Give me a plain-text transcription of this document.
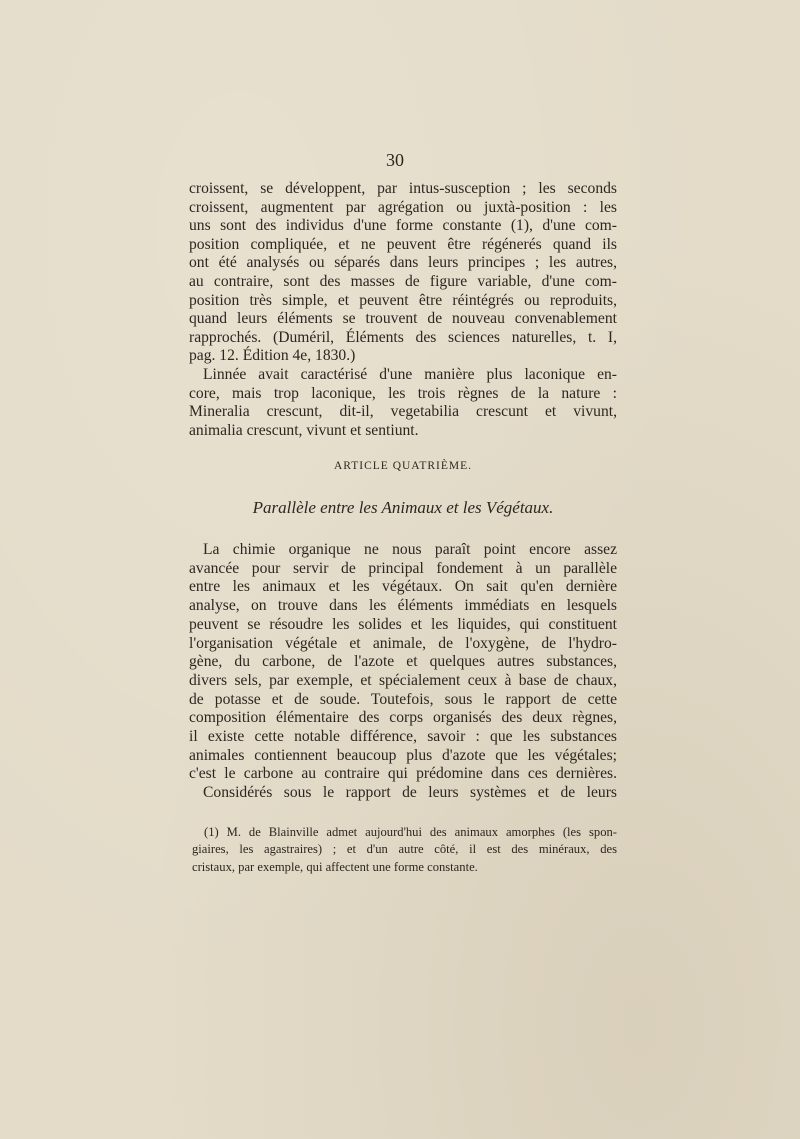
30
croissent, se développent, par intus-susception ; les seconds
croissent, augmentent par agrégation ou juxtà-position : les
uns sont des individus d'une forme constante (1), d'une com-
position compliquée, et ne peuvent être régénerés quand ils
ont été analysés ou séparés dans leurs principes ; les autres,
au contraire, sont des masses de figure variable, d'une com-
position très simple, et peuvent être réintégrés ou reproduits,
quand leurs éléments se trouvent de nouveau convenablement
rapprochés. (Duméril, Éléments des sciences naturelles, t. I,
pag. 12. Édition 4e, 1830.)
Linnée avait caractérisé d'une manière plus laconique en-
core, mais trop laconique, les trois règnes de la nature :
Mineralia crescunt, dit-il, vegetabilia crescunt et vivunt,
animalia crescunt, vivunt et sentiunt.
ARTICLE QUATRIÈME.
Parallèle entre les Animaux et les Végétaux.
La chimie organique ne nous paraît point encore assez
avancée pour servir de principal fondement à un parallèle
entre les animaux et les végétaux. On sait qu'en dernière
analyse, on trouve dans les éléments immédiats en lesquels
peuvent se résoudre les solides et les liquides, qui constituent
l'organisation végétale et animale, de l'oxygène, de l'hydro-
gène, du carbone, de l'azote et quelques autres substances,
divers sels, par exemple, et spécialement ceux à base de chaux,
de potasse et de soude. Toutefois, sous le rapport de cette
composition élémentaire des corps organisés des deux règnes,
il existe cette notable différence, savoir : que les substances
animales contiennent beaucoup plus d'azote que les végétales;
c'est le carbone au contraire qui prédomine dans ces dernières.
Considérés sous le rapport de leurs systèmes et de leurs
(1) M. de Blainville admet aujourd'hui des animaux amorphes (les spon-
giaires, les agastraires) ; et d'un autre côté, il est des minéraux, des
cristaux, par exemple, qui affectent une forme constante.
